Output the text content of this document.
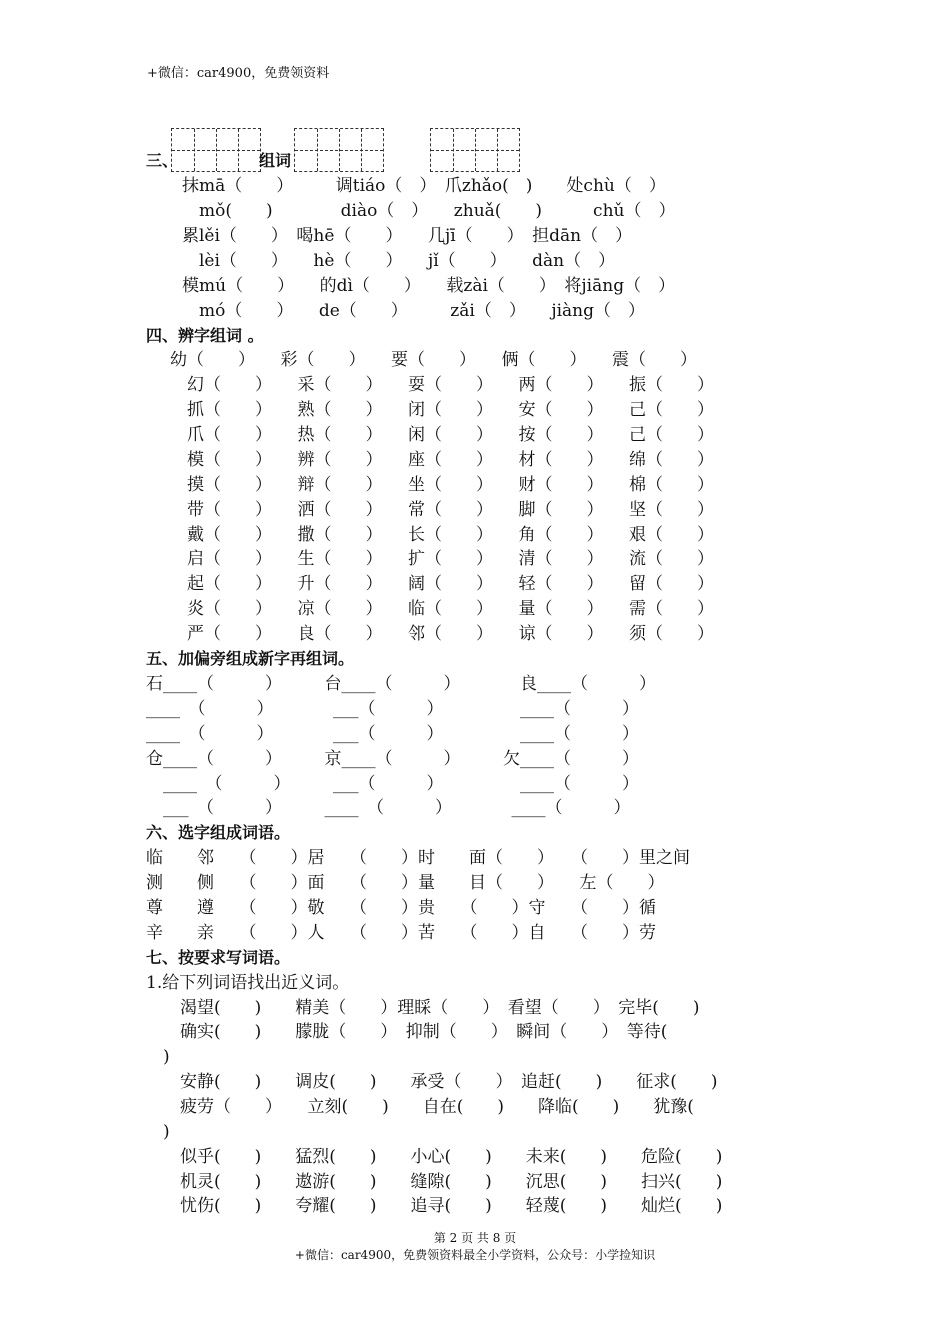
+微信：car4900，免费领资料
三、	组词
抹mā（　　）　　　调tiáo（　）　爪zhǎo(　)　　处chù（　）
　mǒ(　　)　　　　diào（　）　　zhuǎ(　　)　　　chǔ（　）
累lěi（　　）　喝hē（　　）　　几jī（　　）　担dān（　）
　lèi（　　）　　hè（　　）　　jǐ（　　）　　dàn（　）
模mú（　　）　　的dì（　　）　　载zài（　　）　将jiāng（　）
　mó（　　）　　de（　　）　　　zǎi（　）　　jiàng（　）
四、辨字组词 。
幼（　　）　　彩（　　）　　要（　　）　　俩（　　）　　震（　　）
　幻（　　）　　采（　　）　　耍（　　）　　两（　　）　　振（　　）
　抓（　　）　　熟（　　）　　闭（　　）　　安（　　）　　己（　　）
　爪（　　）　　热（　　）　　闲（　　）　　按（　　）　　己（　　）
　模（　　）　　辨（　　）　　座（　　）　　材（　　）　　绵（　　）
　摸（　　）　　辩（　　）　　坐（　　）　　财（　　）　　棉（　　）
　带（　　）　　洒（　　）　　常（　　）　　脚（　　）　　坚（　　）
　戴（　　）　　撒（　　）　　长（　　）　　角（　　）　　艰（　　）
　启（　　）　　生（　　）　　扩（　　）　　清（　　）　　流（　　）
　起（　　）　　升（　　）　　阔（　　）　　轻（　　）　　留（　　）
　炎（　　）　　凉（　　）　　临（　　）　　量（　　）　　需（　　）
　严（　　）　　良（　　）　　邻（　　）　　谅（　　）　　须（　　）
五、加偏旁组成新字再组词。
石____（　　　）　　　台____（　　　）　　　　良____（　　　）
____　（　　　）　　　　___（　　　）　　　　　____（　　　）
____　（　　　）　　　　___（　　　）　　　　　____（　　　）
仓____（　　　）　　　京____（　　　）　　　欠____（　　　）
　____　（　　　）　　　___（　　　）　　　　　____（　　　）
　___　（　　　）　　　____　（　　　）　　　　____（　　　）
六、选字组成词语。
临　　邻　　（　　）居　　（　　）时　　面（　　）　　（　　）里之间
测　　侧　　（　　）面　　（　　）量　　目（　　）　　左（　　）
尊　　遵　　（　　）敬　　（　　）贵　　（　　）守　　（　　）循
辛　　亲　　（　　）人　　（　　）苦　　（　　）自　　（　　）劳
七、按要求写词语。
1.给下列词语找出近义词。
　　渴望(　　)　　精美（　　）理睬（　　）　看望（　　）　完毕(　　)
　　确实(　　)　　朦胧（　　）　抑制（　　）　瞬间（　　）　等待(
　)
　　安静(　　)　　调皮(　　)　　承受（　　）　追赶(　　)　　征求(　　)
　　疲劳（　　）　　立刻(　　)　　自在(　　)　　降临(　　)　　犹豫(
　)
　　似乎(　　)　　猛烈(　　)　　小心(　　)　　未来(　　)　　危险(　　)
　　机灵(　　)　　遨游(　　)　　缝隙(　　)　　沉思(　　)　　扫兴(　　)
　　忧伤(　　)　　夸耀(　　)　　追寻(　　)　　轻蔑(　　)　　灿烂(　　)
第 2 页 共 8 页
+微信：car4900，免费领资料最全小学资料，公众号：小学捡知识
